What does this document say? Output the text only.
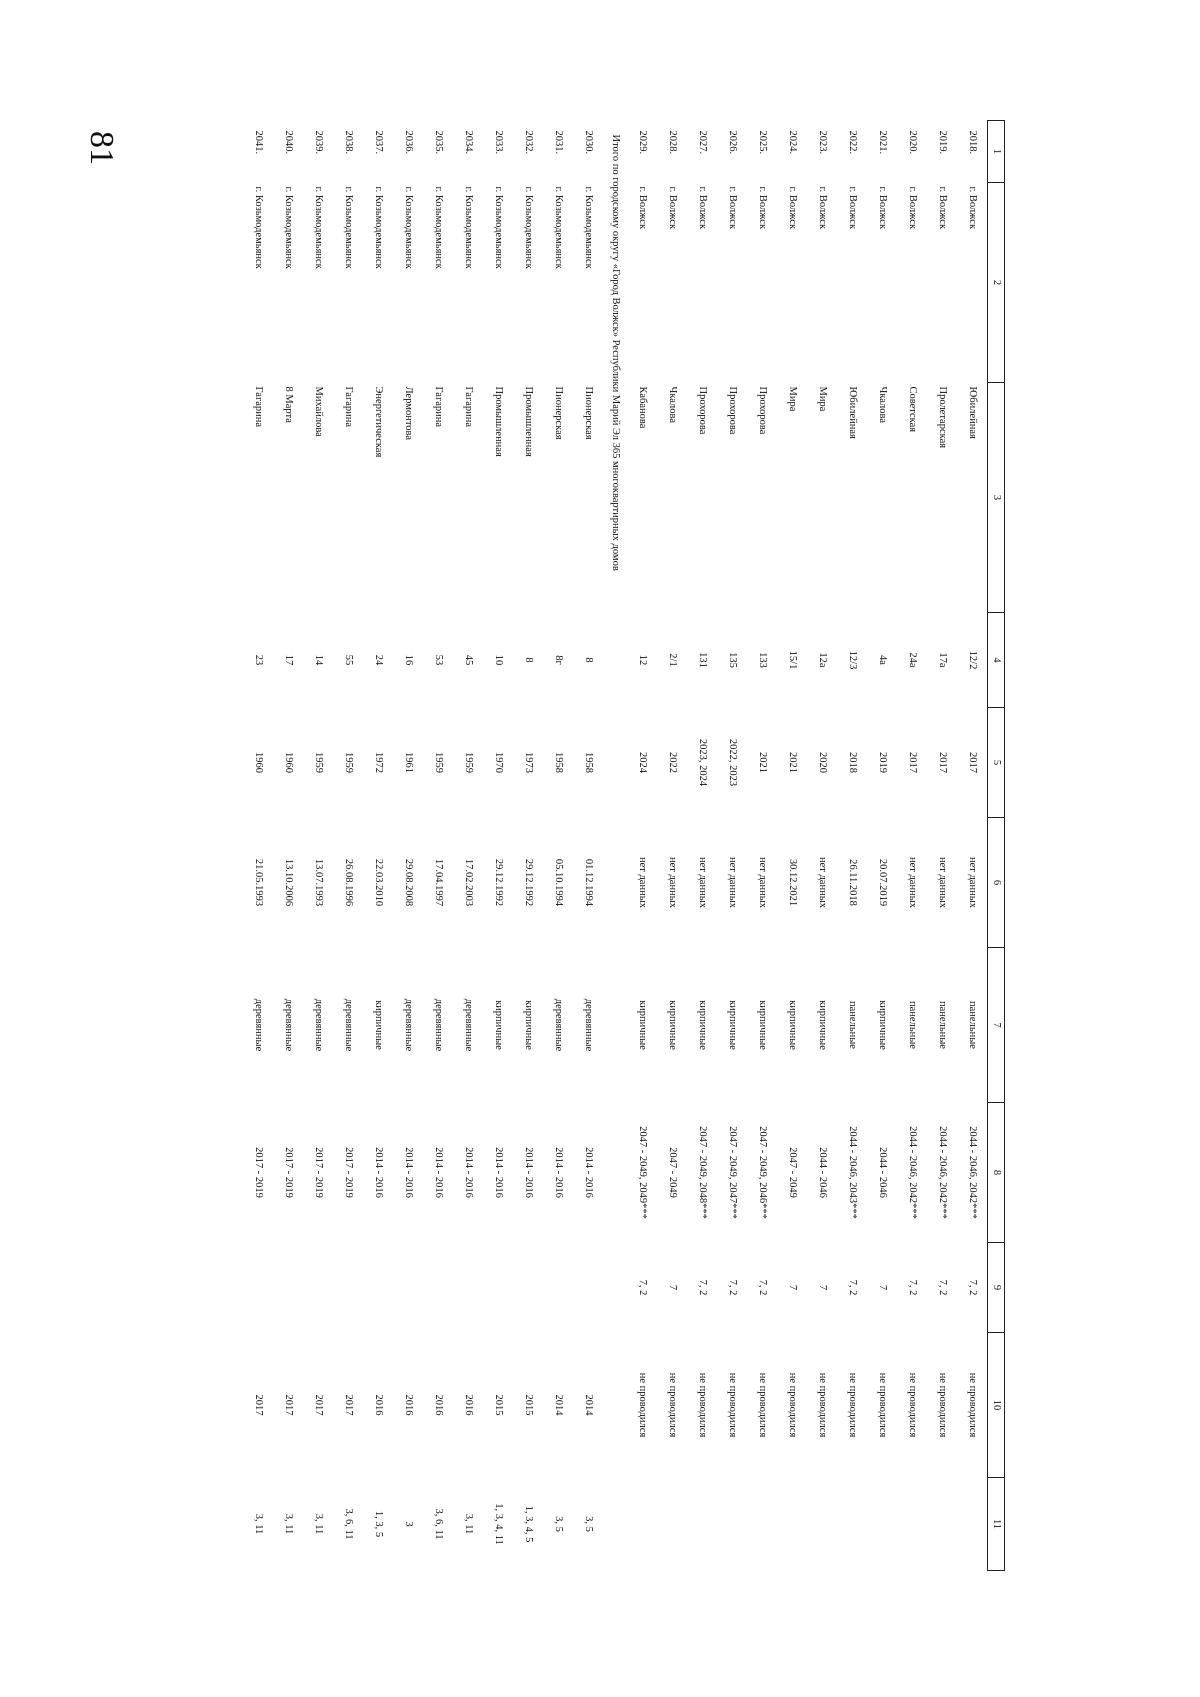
81	1	2	3	4	5	6	7	8	9	10	11
2018.	г. Волжск	Юбилейная	12/2	2017	нет данных	панельные	2044 - 2046, 2042***	7, 2	не проводился	
2019.	г. Волжск	Пролетарская	17а	2017	нет данных	панельные	2044 - 2046, 2042***	7, 2	не проводился	
2020.	г. Волжск	Советская	24а	2017	нет данных	панельные	2044 - 2046, 2042***	7, 2	не проводился	
2021.	г. Волжск	Чкалова	4а	2019	20.07.2019	кирпичные	2044 - 2046	7	не проводился	
2022.	г. Волжск	Юбилейная	12/3	2018	26.11.2018	панельные	2044 - 2046, 2043***	7, 2	не проводился	
2023.	г. Волжск	Мира	12а	2020	нет данных	кирпичные	2044 - 2046	7	не проводился	
2024.	г. Волжск	Мира	15/1	2021	30.12.2021	кирпичные	2047 - 2049	7	не проводился	
2025.	г. Волжск	Прохорова	133	2021	нет данных	кирпичные	2047 - 2049, 2046***	7, 2	не проводился	
2026.	г. Волжск	Прохорова	135	2022, 2023	нет данных	кирпичные	2047 - 2049, 2047***	7, 2	не проводился	
2027.	г. Волжск	Прохорова	131	2023, 2024	нет данных	кирпичные	2047 - 2049, 2048***	7, 2	не проводился	
2028.	г. Волжск	Чкалова	2/1	2022	нет данных	кирпичные	2047 - 2049	7	не проводился	
2029.	г. Волжск	Кабанова	12	2024	нет данных	кирпичные	2047 - 2049, 2049***	7, 2	не проводился	
Итого по городскому округу «Город Волжск» Республики Марий Эл 365 многоквартирных домов										
2030.	г. Козьмодемьянск	Пионерская	8	1958	01.12.1994	деревянные	2014 - 2016		2014	3, 5
2031.	г. Козьмодемьянск	Пионерская	8г	1958	05.10.1994	деревянные	2014 - 2016		2014	3, 5
2032.	г. Козьмодемьянск	Промышленная	8	1973	29.12.1992	кирпичные	2014 - 2016		2015	1, 3, 4, 5
2033.	г. Козьмодемьянск	Промышленная	10	1970	29.12.1992	кирпичные	2014 - 2016		2015	1, 3, 4, 11
2034.	г. Козьмодемьянск	Гагарина	45	1959	17.02.2003	деревянные	2014 - 2016		2016	3, 11
2035.	г. Козьмодемьянск	Гагарина	53	1959	17.04.1997	деревянные	2014 - 2016		2016	3, 6, 11
2036.	г. Козьмодемьянск	Лермонтова	16	1961	29.08.2008	деревянные	2014 - 2016		2016	3
2037.	г. Козьмодемьянск	Энергетическая	24	1972	22.03.2010	кирпичные	2014 - 2016		2016	1, 3, 5
2038.	г. Козьмодемьянск	Гагарина	55	1959	26.08.1996	деревянные	2017 - 2019		2017	3, 6, 11
2039.	г. Козьмодемьянск	Михайлова	14	1959	13.07.1993	деревянные	2017 - 2019		2017	3, 11
2040.	г. Козьмодемьянск	8 Марта	17	1960	13.10.2006	деревянные	2017 - 2019		2017	3, 11
2041.	г. Козьмодемьянск	Гагарина	23	1960	21.05.1993	деревянные	2017 - 2019		2017	3, 11
